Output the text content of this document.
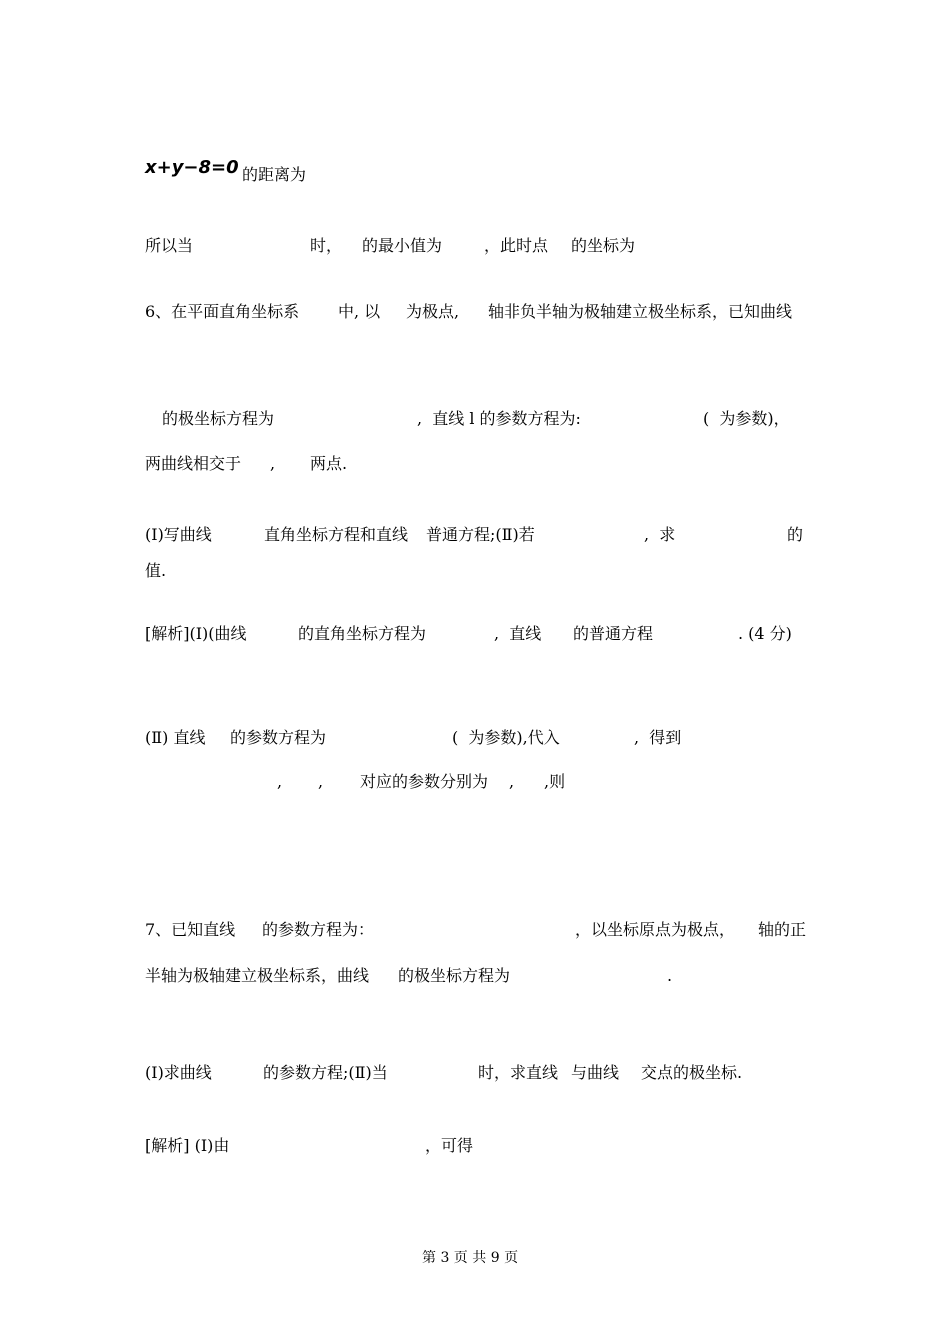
x+y−8=0 的距离为
所以当	时， 的最小值为	，此时点 的坐标为
6、在平面直角坐标系 中, 以 为极点, 轴非负半轴为极轴建立极坐标系，已知曲线
的极坐标方程为	,  直线 l 的参数方程为:	(  为参数)，
两曲线相交于 , 两点.
(Ⅰ)写曲线	直角坐标方程和直线 普通方程;(Ⅱ)若	,  求	的
值.
[解析](Ⅰ)(曲线	的直角坐标方程为	,  直线 的普通方程	. (4 分)
(Ⅱ) 直线 的参数方程为	(  为参数),代入	,  得到
, , 对应的参数分别为 , ,则
7、已知直线 的参数方程为：	，以坐标原点为极点， 轴的正
半轴为极轴建立极坐标系，曲线 的极坐标方程为	.
(Ⅰ)求曲线	的参数方程;(Ⅱ)当	时，求直线 与曲线 交点的极坐标.
[解析] (Ⅰ)由	，可得
第 3 页 共 9 页
